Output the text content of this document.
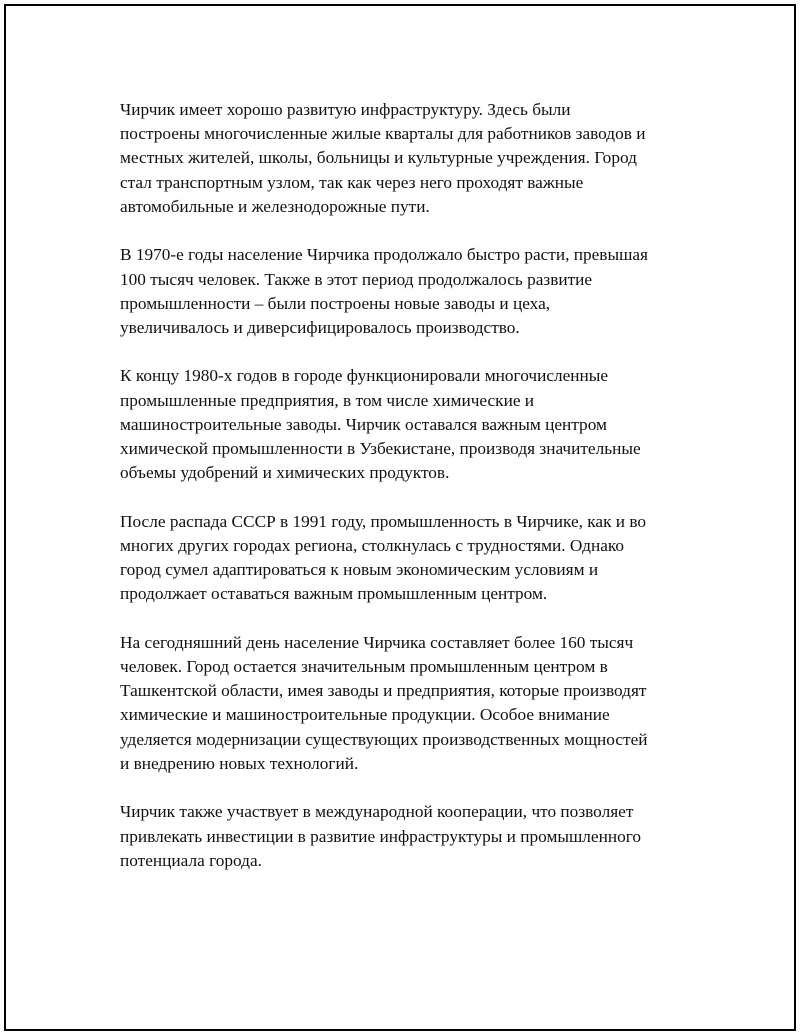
Чирчик имеет хорошо развитую инфраструктуру. Здесь были
построены многочисленные жилые кварталы для работников заводов и
местных жителей, школы, больницы и культурные учреждения. Город
стал транспортным узлом, так как через него проходят важные
автомобильные и железнодорожные пути.

В 1970-е годы население Чирчика продолжало быстро расти, превышая
100 тысяч человек. Также в этот период продолжалось развитие
промышленности – были построены новые заводы и цеха,
увеличивалось и диверсифицировалось производство.

К концу 1980-х годов в городе функционировали многочисленные
промышленные предприятия, в том числе химические и
машиностроительные заводы. Чирчик оставался важным центром
химической промышленности в Узбекистане, производя значительные
объемы удобрений и химических продуктов.

После распада СССР в 1991 году, промышленность в Чирчике, как и во
многих других городах региона, столкнулась с трудностями. Однако
город сумел адаптироваться к новым экономическим условиям и
продолжает оставаться важным промышленным центром.

На сегодняшний день население Чирчика составляет более 160 тысяч
человек. Город остается значительным промышленным центром в
Ташкентской области, имея заводы и предприятия, которые производят
химические и машиностроительные продукции. Особое внимание
уделяется модернизации существующих производственных мощностей
и внедрению новых технологий.

Чирчик также участвует в международной кооперации, что позволяет
привлекать инвестиции в развитие инфраструктуры и промышленного
потенциала города.
